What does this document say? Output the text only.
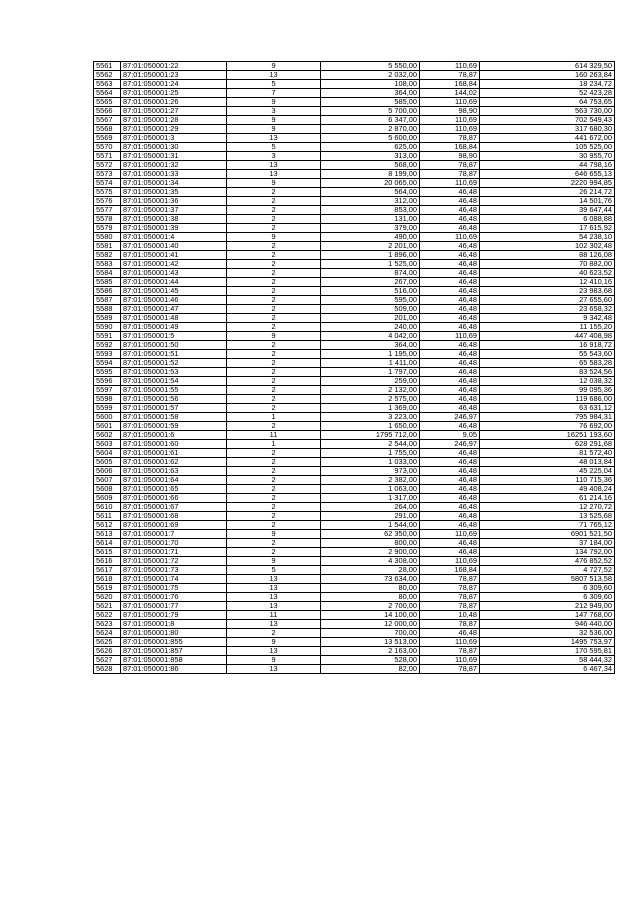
5561	87:01:050001:22	9	5 550,00	110,69	614 329,50
5562	87:01:050001:23	13	2 032,00	78,87	160 263,84
5563	87:01:050001:24	5	108,00	168,84	18 234,72
5564	87:01:050001:25	7	364,00	144,02	52 423,28
5565	87:01:050001:26	9	585,00	110,69	64 753,65
5566	87:01:050001:27	3	5 700,00	98,90	563 730,00
5567	87:01:050001:28	9	6 347,00	110,69	702 549,43
5568	87:01:050001:29	9	2 870,00	110,69	317 680,30
5569	87:01:050001:3	13	5 600,00	78,87	441 672,00
5570	87:01:050001:30	5	625,00	168,84	105 525,00
5571	87:01:050001:31	3	313,00	98,90	30 955,70
5572	87:01:050001:32	13	568,00	78,87	44 798,16
5573	87:01:050001:33	13	8 199,00	78,87	646 655,13
5574	87:01:050001:34	9	20 065,00	110,69	2220 994,85
5575	87:01:050001:35	2	564,00	46,48	26 214,72
5576	87:01:050001:36	2	312,00	46,48	14 501,76
5577	87:01:050001:37	2	853,00	46,48	39 647,44
5578	87:01:050001:38	2	131,00	46,48	6 088,88
5579	87:01:050001:39	2	379,00	46,48	17 615,92
5580	87:01:050001:4	9	490,00	110,69	54 238,10
5581	87:01:050001:40	2	2 201,00	46,48	102 302,48
5582	87:01:050001:41	2	1 896,00	46,48	88 126,08
5583	87:01:050001:42	2	1 525,00	46,48	70 882,00
5584	87:01:050001:43	2	874,00	46,48	40 623,52
5585	87:01:050001:44	2	267,00	46,48	12 410,16
5586	87:01:050001:45	2	516,00	46,48	23 983,68
5587	87:01:050001:46	2	595,00	46,48	27 655,60
5588	87:01:050001:47	2	509,00	46,48	23 658,32
5589	87:01:050001:48	2	201,00	46,48	9 342,48
5590	87:01:050001:49	2	240,00	46,48	11 155,20
5591	87:01:050001:5	9	4 042,00	110,69	447 408,98
5592	87:01:050001:50	2	364,00	46,48	16 918,72
5593	87:01:050001:51	2	1 195,00	46,48	55 543,60
5594	87:01:050001:52	2	1 411,00	46,48	65 583,28
5595	87:01:050001:53	2	1 797,00	46,48	83 524,56
5596	87:01:050001:54	2	259,00	46,48	12 038,32
5597	87:01:050001:55	2	2 132,00	46,48	99 095,36
5598	87:01:050001:56	2	2 575,00	46,48	119 686,00
5599	87:01:050001:57	2	1 369,00	46,48	63 631,12
5600	87:01:050001:58	1	3 223,00	246,97	795 984,31
5601	87:01:050001:59	2	1 650,00	46,48	76 692,00
5602	87:01:050001:6	11	1795 712,00	9,05	16251 193,60
5603	87:01:050001:60	1	2 544,00	246,97	628 291,68
5604	87:01:050001:61	2	1 755,00	46,48	81 572,40
5605	87:01:050001:62	2	1 033,00	46,48	48 013,84
5606	87:01:050001:63	2	973,00	46,48	45 225,04
5607	87:01:050001:64	2	2 382,00	46,48	110 715,36
5608	87:01:050001:65	2	1 063,00	46,48	49 408,24
5609	87:01:050001:66	2	1 317,00	46,48	61 214,16
5610	87:01:050001:67	2	264,00	46,48	12 270,72
5611	87:01:050001:68	2	291,00	46,48	13 525,68
5612	87:01:050001:69	2	1 544,00	46,48	71 765,12
5613	87:01:050001:7	9	62 350,00	110,69	6901 521,50
5614	87:01:050001:70	2	800,00	46,48	37 184,00
5615	87:01:050001:71	2	2 900,00	46,48	134 792,00
5616	87:01:050001:72	9	4 308,00	110,69	476 852,52
5617	87:01:050001:73	5	28,00	168,84	4 727,52
5618	87:01:050001:74	13	73 634,00	78,87	5807 513,58
5619	87:01:050001:75	13	80,00	78,87	6 309,60
5620	87:01:050001:76	13	80,00	78,87	6 309,60
5621	87:01:050001:77	13	2 700,00	78,87	212 949,00
5622	87:01:050001:79	11	14 100,00	10,48	147 768,00
5623	87:01:050001:8	13	12 000,00	78,87	946 440,00
5624	87:01:050001:80	2	700,00	46,48	32 536,00
5625	87:01:050001:855	9	13 513,00	110,69	1495 753,97
5626	87:01:050001:857	13	2 163,00	78,87	170 595,81
5627	87:01:050001:858	9	528,00	110,69	58 444,32
5628	87:01:050001:86	13	82,00	78,87	6 467,34
